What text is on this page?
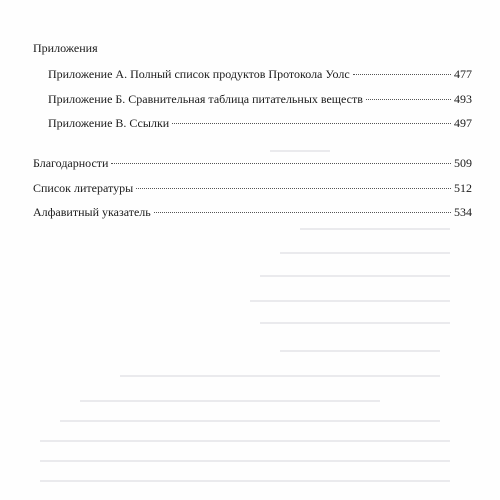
Приложения
Приложение А. Полный список продуктов Протокола Уолс	477
Приложение Б. Сравнительная таблица питательных веществ	493
Приложение В. Ссылки	497
Благодарности	509
Список литературы	512
Алфавитный указатель	534
